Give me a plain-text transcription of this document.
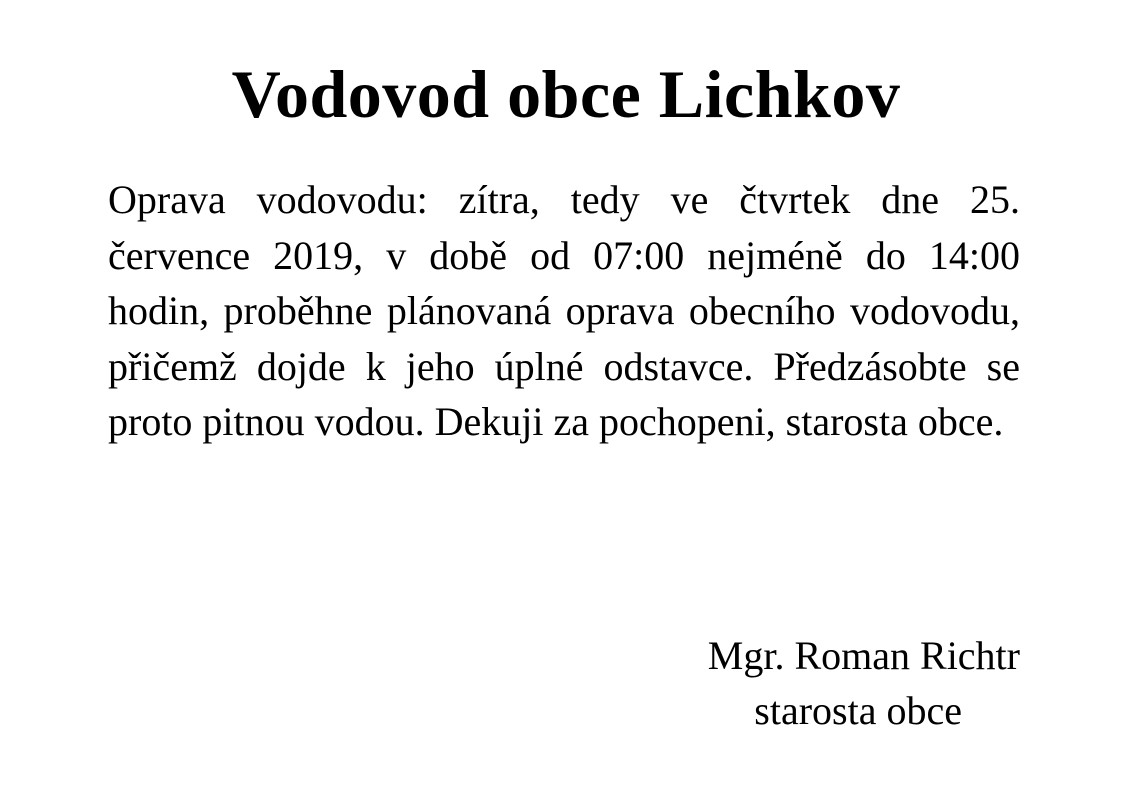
Vodovod obce Lichkov

Oprava vodovodu: zítra, tedy ve čtvrtek dne 25. července 2019, v době od 07:00 nejméně do 14:00 hodin, proběhne plánovaná oprava obecního vodovodu, přičemž dojde k jeho úplné odstavce. Předzásobte se proto pitnou vodou. Dekuji za pochopeni, starosta obce.

Mgr. Roman Richtr
starosta obce
